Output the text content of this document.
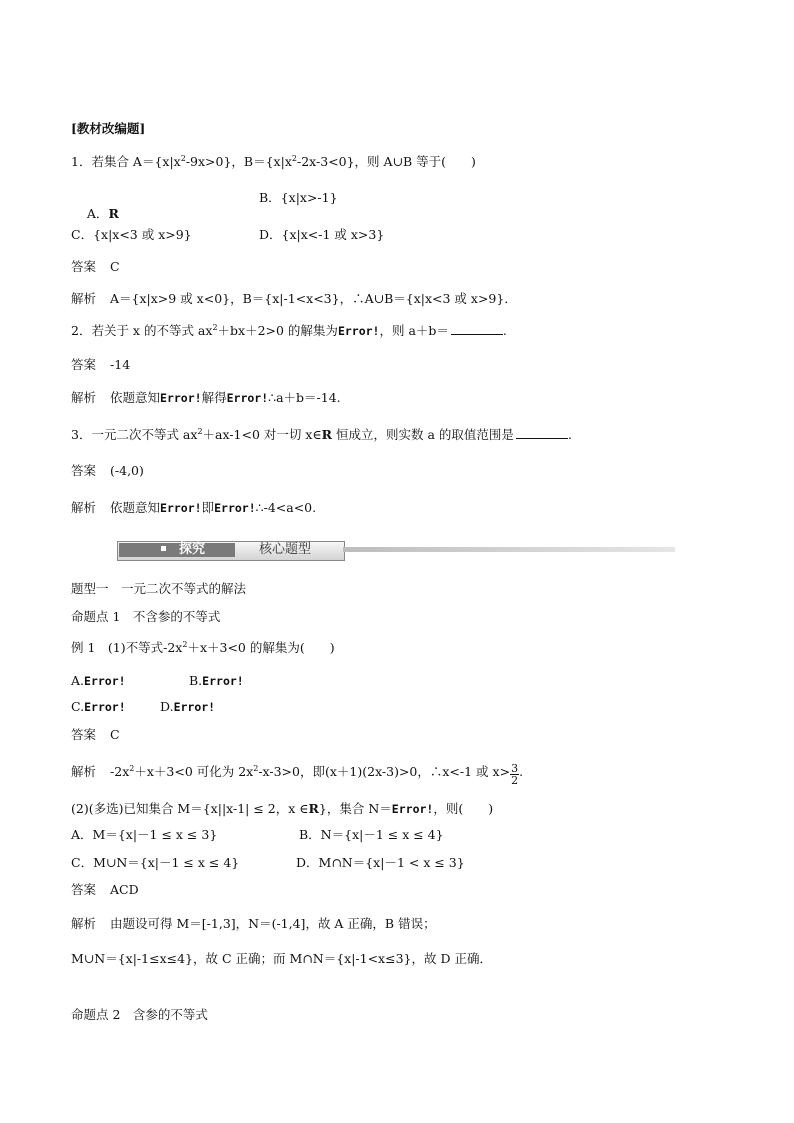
[教材改编题]
1．若集合 $A=\{x|x^2-9x>0\}$，$B=\{x|x^2-2x-3<0\}$，则 A∪B 等于(　　)

A．R

B．{x|x>-1}
C．{x|x<3 或 x>9}	D．{x|x<-1 或 x>3}
答案 C
解析 A＝{x|x>9 或 x<0}，B＝{x|-1<x<3}，∴A∪B＝{x|x<3 或 x>9}．
2．若关于 x 的不等式 $ax^2+bx+2>0$ 的解集为Error!，则 a＋b＝	.
答案 -14
解析 依题意知Error!解得Error!∴a＋b＝-14.
3．一元二次不等式 $ax^2+ax-1<0$ 对一切 x∈R 恒成立，则实数 a 的取值范围是	.
答案 (-4,0)
解析 依题意知Error!即Error!∴-4<a<0.
探究	核心题型
题型一　一元二次不等式的解法
命题点 1　不含参的不等式
例 1　(1)不等式$-2x^2+x+3<0$ 的解集为(　　)
A.Error!	B.Error!
C.Error!	D.Error!
答案 C
解析 $-2x^2+x+3<0$ 可化为 $2x^2-x-3>0$，即(x＋1)(2x-3)>0，∴x<-1 或 $x> \frac{3}{2}$ .
(2)(多选)已知集合 M＝{x||x-1| ≤ 2，x ∈R}，集合 N＝Error!，则(　　)
A．M＝{x|－1 ≤ x ≤ 3}	B．N＝{x|－1 ≤ x ≤ 4}
C．M∪N＝{x|－1 ≤ x ≤ 4}	D．M∩N＝{x|－1 < x ≤ 3}
答案 ACD
解析 由题设可得 M＝[-1,3]，N＝(-1,4]，故 A 正确，B 错误；
M∪N＝{x|-1≤x≤4}，故 C 正确；而 M∩N＝{x|-1<x≤3}，故 D 正确．
命题点 2　含参的不等式
